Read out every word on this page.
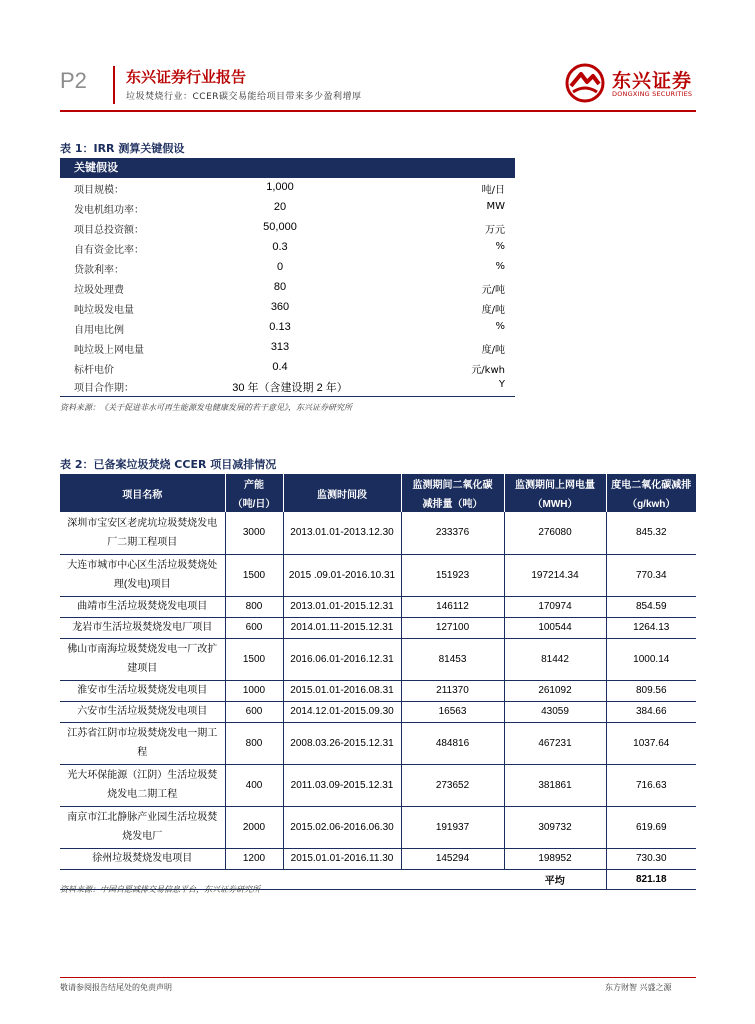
P2	东兴证券行业报告
垃圾焚烧行业：CCER碳交易能给项目带来多少盈利增厚
东兴证券
DONGXING SECURITIES
表 1：IRR 测算关键假设
关键假设
项目规模：	1,000	吨/日
发电机组功率：	20	MW
项目总投资额：	50,000	万元
自有资金比率：	0.3	%
贷款利率：	0	%
垃圾处理费	80	元/吨
吨垃圾发电量	360	度/吨
自用电比例	0.13	%
吨垃圾上网电量	313	度/吨
标杆电价	0.4	元/kwh
项目合作期：	30 年（含建设期 2 年）	Y
资料来源：《关于促进非水可再生能源发电健康发展的若干意见》，东兴证券研究所
表 2：已备案垃圾焚烧 CCER 项目减排情况
项目名称	产能	监测时间段	监测期间二氧化碳	监测期间上网电量	度电二氧化碳减排
	（吨/日）		减排量（吨）	（MWH）	（g/kwh）
深圳市宝安区老虎坑垃圾焚烧发电厂二期工程项目	3000	2013.01.01-2013.12.30	233376	276080	845.32
大连市城市中心区生活垃圾焚烧处理(发电)项目	1500	2015 .09.01-2016.10.31	151923	197214.34	770.34
曲靖市生活垃圾焚烧发电项目	800	2013.01.01-2015.12.31	146112	170974	854.59
龙岩市生活垃圾焚烧发电厂项目	600	2014.01.11-2015.12.31	127100	100544	1264.13
佛山市南海垃圾焚烧发电一厂改扩建项目	1500	2016.06.01-2016.12.31	81453	81442	1000.14
淮安市生活垃圾焚烧发电项目	1000	2015.01.01-2016.08.31	211370	261092	809.56
六安市生活垃圾焚烧发电项目	600	2014.12.01-2015.09.30	16563	43059	384.66
江苏省江阴市垃圾焚烧发电一期工程	800	2008.03.26-2015.12.31	484816	467231	1037.64
光大环保能源（江阴）生活垃圾焚烧发电二期工程	400	2011.03.09-2015.12.31	273652	381861	716.63
南京市江北静脉产业园生活垃圾焚烧发电厂	2000	2015.02.06-2016.06.30	191937	309732	619.69
徐州垃圾焚烧发电项目	1200	2015.01.01-2016.11.30	145294	198952	730.30
				平均	821.18
资料来源：中国自愿减排交易信息平台，东兴证券研究所
敬请参阅报告结尾处的免责声明	东方财智 兴盛之源
